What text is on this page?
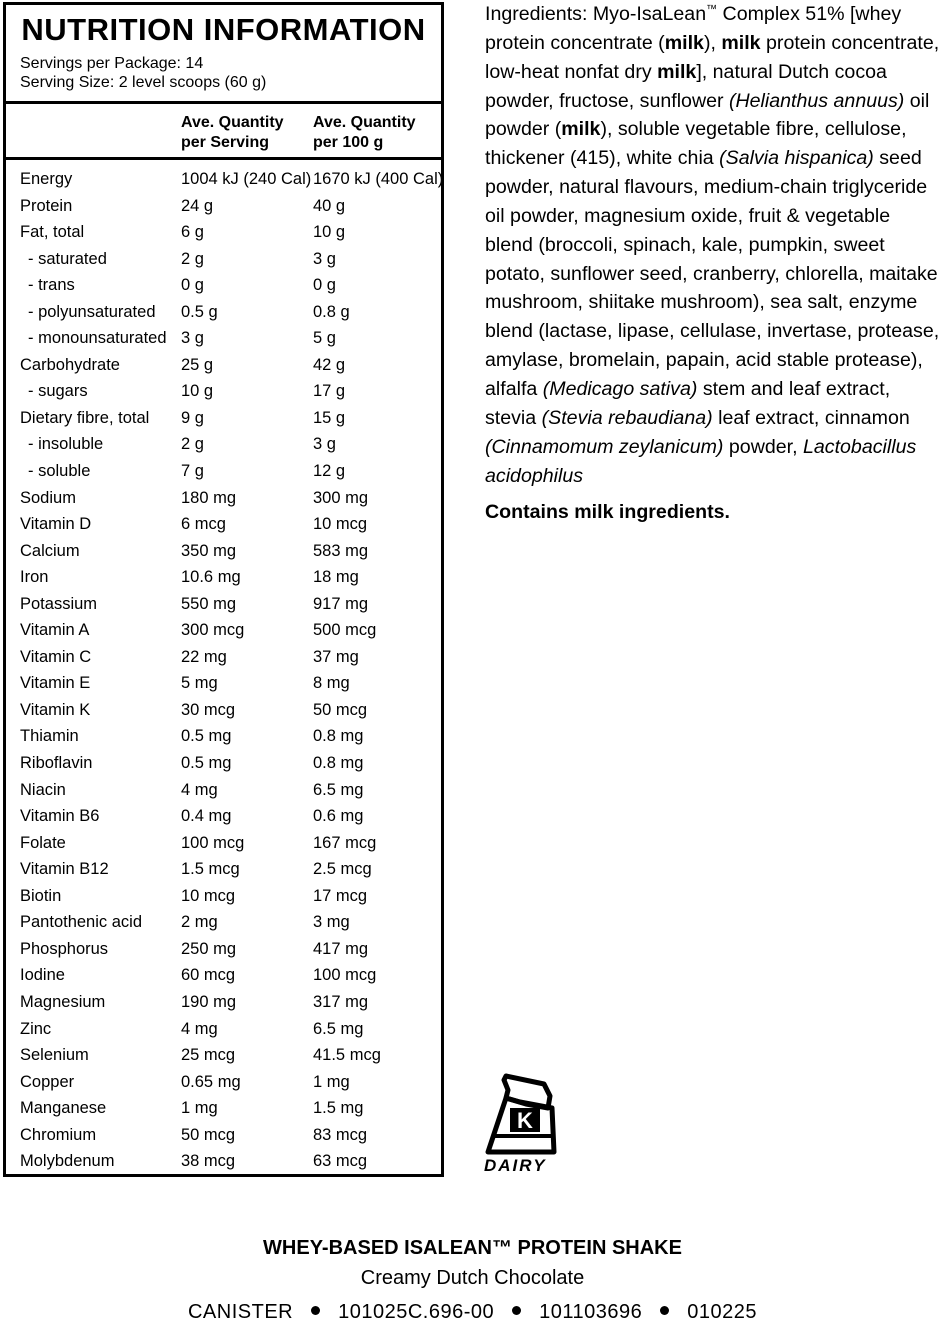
NUTRITION INFORMATION
Servings per Package: 14
Serving Size: 2 level scoops (60 g)
Ave. Quantity
per Serving
Ave. Quantity
per 100 g
Energy	1004 kJ (240 Cal) 1670 kJ (400 Cal)
Protein	24 g	40 g
Fat, total	6 g	10 g
- saturated	2 g	3 g
- trans	0 g	0 g
- polyunsaturated 0.5 g	0.8 g
- monounsaturated 3 g	5 g
Carbohydrate	25 g	42 g
- sugars	10 g	17 g
Dietary fibre, total 9 g	15 g
- insoluble	2 g	3 g
- soluble	7 g	12 g
Sodium	180 mg	300 mg
Vitamin D	6 mcg	10 mcg
Calcium	350 mg	583 mg
Iron	10.6 mg	18 mg
Potassium	550 mg	917 mg
Vitamin A	300 mcg	500 mcg
Vitamin C	22 mg	37 mg
Vitamin E	5 mg	8 mg
Vitamin K	30 mcg	50 mcg
Thiamin	0.5 mg	0.8 mg
Riboflavin	0.5 mg	0.8 mg
Niacin	4 mg	6.5 mg
Vitamin B6	0.4 mg	0.6 mg
Folate	100 mcg	167 mcg
Vitamin B12	1.5 mcg	2.5 mcg
Biotin	10 mcg	17 mcg
Pantothenic acid 2 mg	3 mg
Phosphorus	250 mg	417 mg
Iodine	60 mcg	100 mcg
Magnesium	190 mg	317 mg
Zinc	4 mg	6.5 mg
Selenium	25 mcg	41.5 mcg
Copper	0.65 mg	1 mg
Manganese	1 mg	1.5 mg
Chromium	50 mcg	83 mcg
Molybdenum	38 mcg	63 mcg
Ingredients: Myo-IsaLean™ Complex 51% [whey protein concentrate (milk), milk protein concentrate, low-heat nonfat dry milk], natural Dutch cocoa powder, fructose, sunflower (Helianthus annuus) oil powder (milk), soluble vegetable fibre, cellulose, thickener (415), white chia (Salvia hispanica) seed powder, natural flavours, medium-chain triglyceride oil powder, magnesium oxide, fruit & vegetable blend (broccoli, spinach, kale, pumpkin, sweet potato, sunflower seed, cranberry, chlorella, maitake mushroom, shiitake mushroom), sea salt, enzyme blend (lactase, lipase, cellulase, invertase, protease, amylase, bromelain, papain, acid stable protease), alfalfa (Medicago sativa) stem and leaf extract, stevia (Stevia rebaudiana) leaf extract, cinnamon (Cinnamomum zeylanicum) powder, Lactobacillus acidophilus
Contains milk ingredients.
K
DAIRY
WHEY-BASED ISALEAN™ PROTEIN SHAKE
Creamy Dutch Chocolate
CANISTER 101025C.696-00 101103696 010225
